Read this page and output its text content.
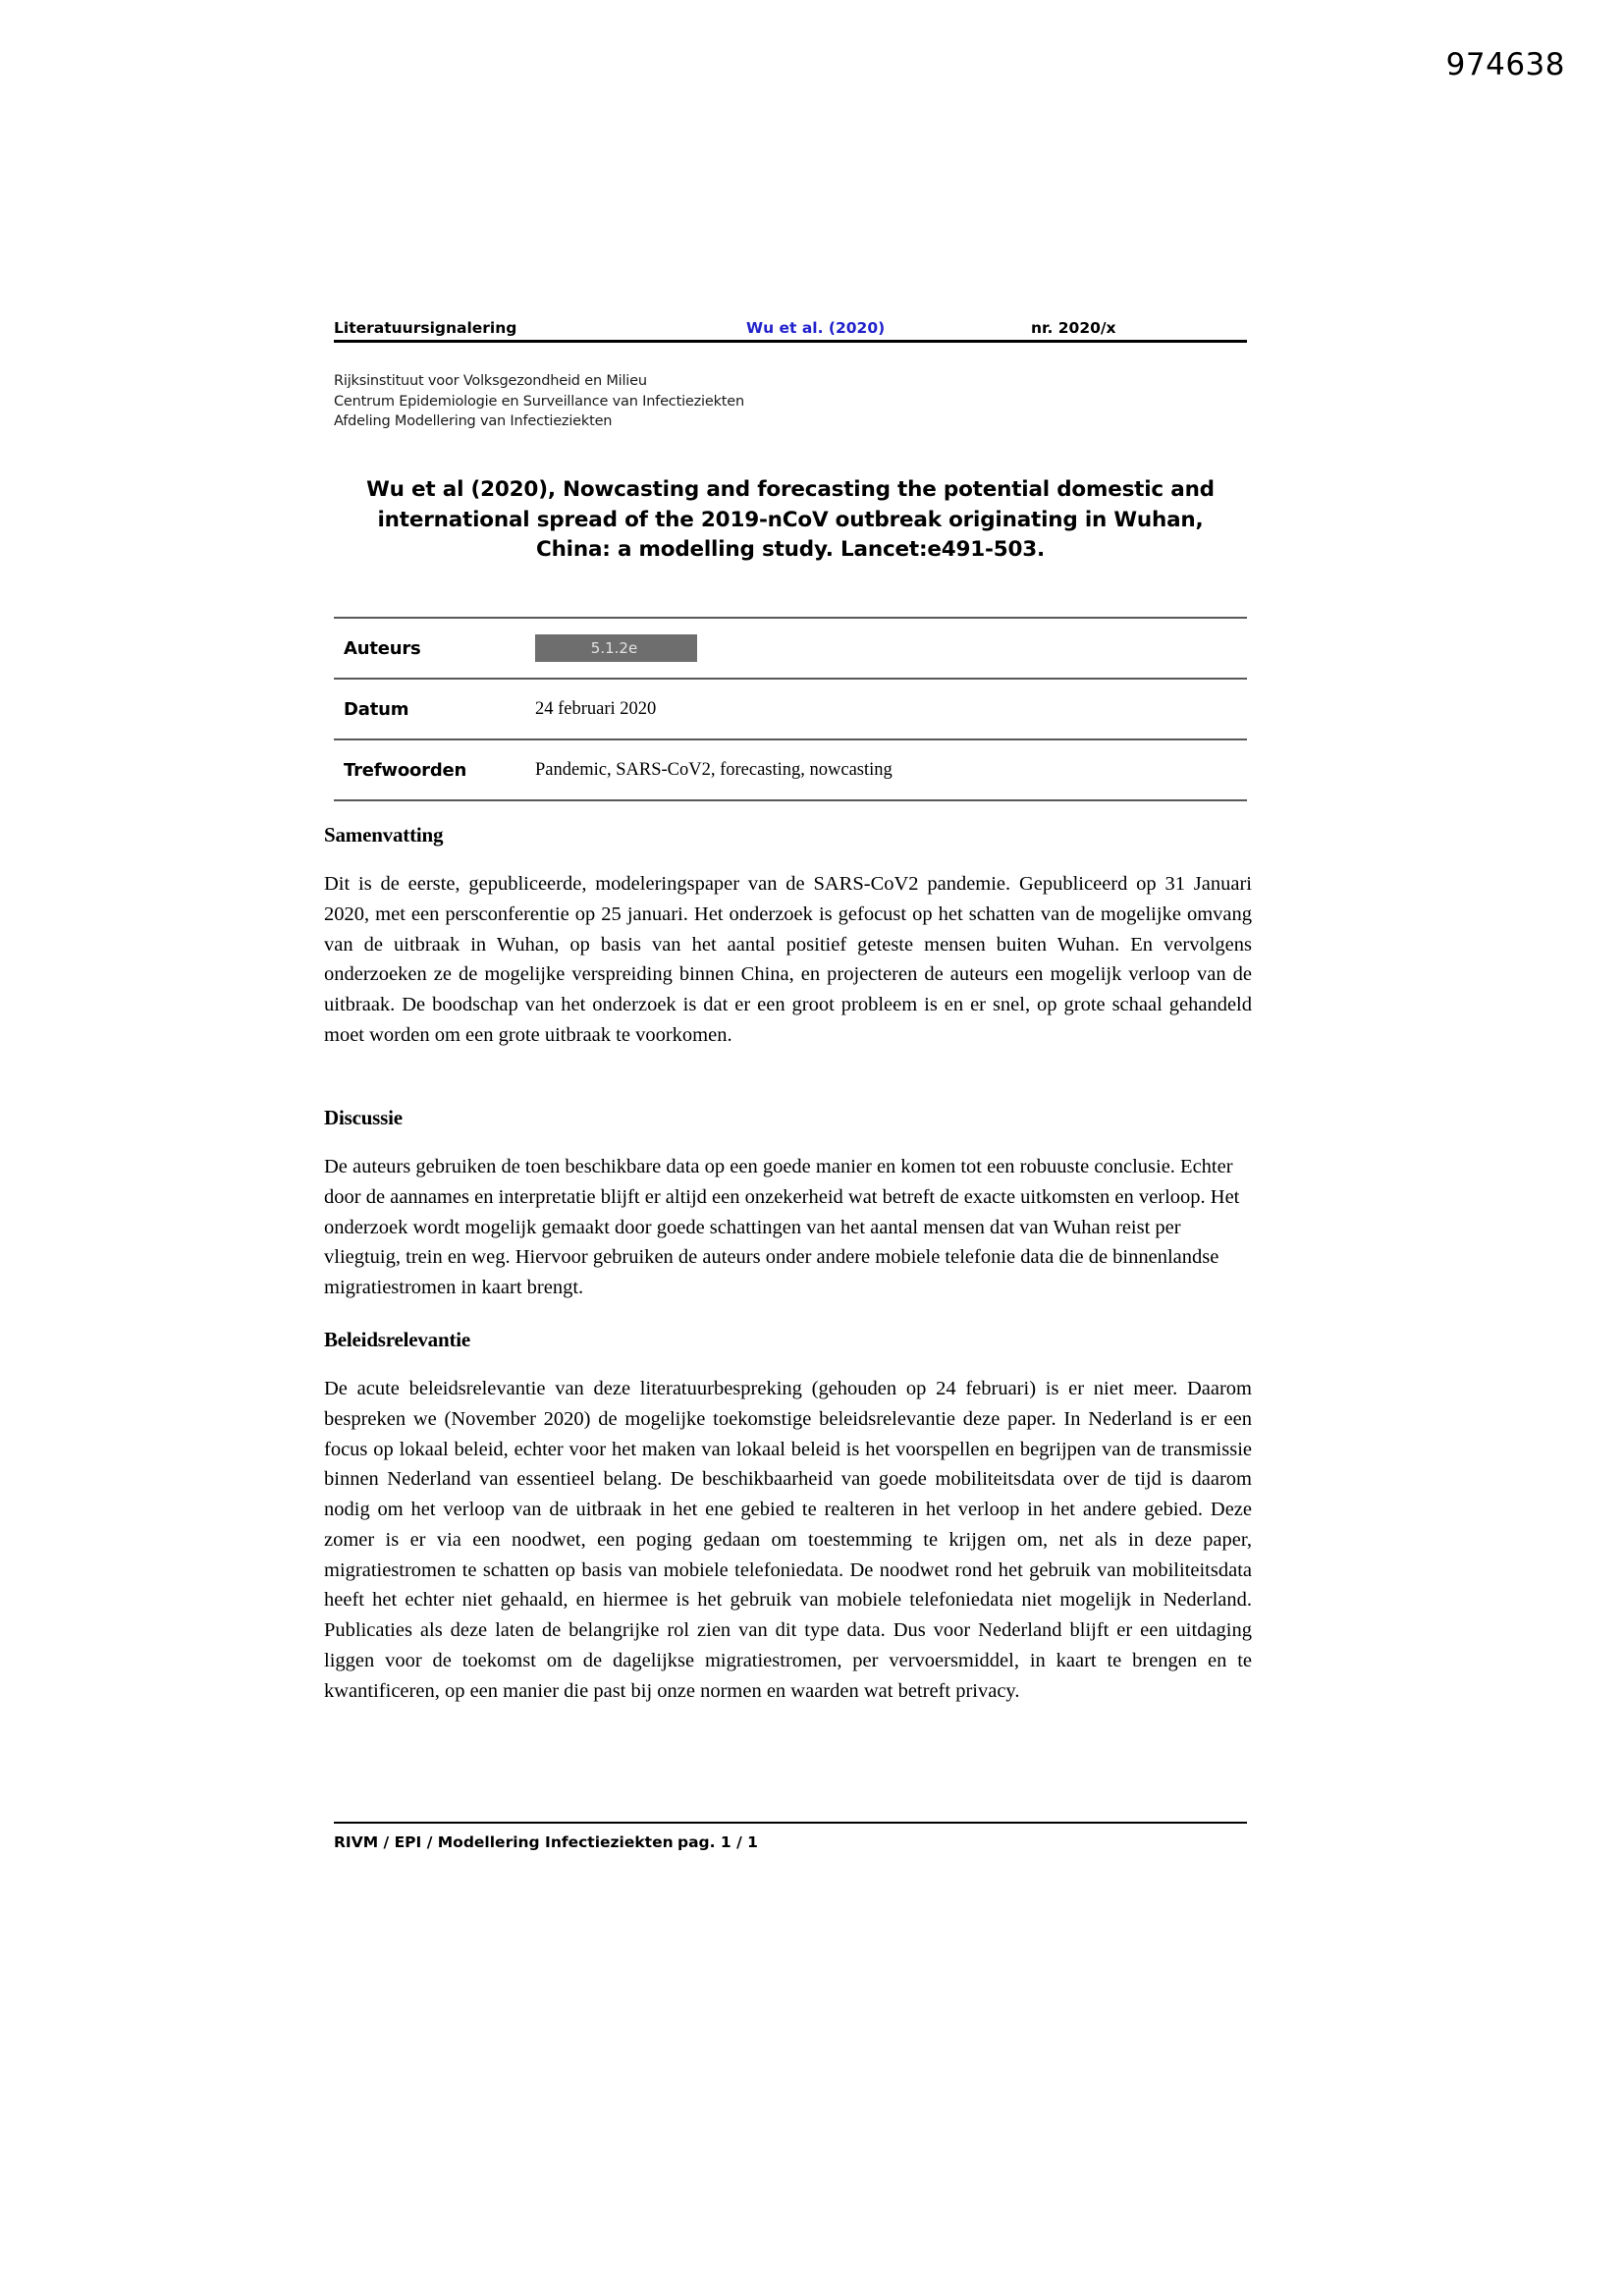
974638
Literatuursignalering	Wu et al. (2020)	nr. 2020/x
Rijksinstituut voor Volksgezondheid en Milieu
Centrum Epidemiologie en Surveillance van Infectieziekten
Afdeling Modellering van Infectieziekten
Wu et al (2020), Nowcasting and forecasting the potential domestic and
international spread of the 2019-nCoV outbreak originating in Wuhan,
China: a modelling study. Lancet:e491-503.
Auteurs	5.1.2e
Datum	24 februari 2020
Trefwoorden	Pandemic, SARS-CoV2, forecasting, nowcasting
Samenvatting

Dit is de eerste, gepubliceerde, modeleringspaper van de SARS-CoV2 pandemie. Gepubliceerd op 31 Januari 2020, met een persconferentie op 25 januari. Het onderzoek is gefocust op het schatten van de mogelijke omvang van de uitbraak in Wuhan, op basis van het aantal positief geteste mensen buiten Wuhan. En vervolgens onderzoeken ze de mogelijke verspreiding binnen China, en projecteren de auteurs een mogelijk verloop van de uitbraak. De boodschap van het onderzoek is dat er een groot probleem is en er snel, op grote schaal gehandeld moet worden om een grote uitbraak te voorkomen.

Discussie

De auteurs gebruiken de toen beschikbare data op een goede manier en komen tot een robuuste conclusie. Echter door de aannames en interpretatie blijft er altijd een onzekerheid wat betreft de exacte uitkomsten en verloop. Het onderzoek wordt mogelijk gemaakt door goede schattingen van het aantal mensen dat van Wuhan reist per vliegtuig, trein en weg. Hiervoor gebruiken de auteurs onder andere mobiele telefonie data die de binnenlandse migratiestromen in kaart brengt.

Beleidsrelevantie

De acute beleidsrelevantie van deze literatuurbespreking (gehouden op 24 februari) is er niet meer. Daarom bespreken we (November 2020) de mogelijke toekomstige beleidsrelevantie deze paper. In Nederland is er een focus op lokaal beleid, echter voor het maken van lokaal beleid is het voorspellen en begrijpen van de transmissie binnen Nederland van essentieel belang. De beschikbaarheid van goede mobiliteitsdata over de tijd is daarom nodig om het verloop van de uitbraak in het ene gebied te realteren in het verloop in het andere gebied. Deze zomer is er via een noodwet, een poging gedaan om toestemming te krijgen om, net als in deze paper, migratiestromen te schatten op basis van mobiele telefoniedata. De noodwet rond het gebruik van mobiliteitsdata heeft het echter niet gehaald, en hiermee is het gebruik van mobiele telefoniedata niet mogelijk in Nederland. Publicaties als deze laten de belangrijke rol zien van dit type data. Dus voor Nederland blijft er een uitdaging liggen voor de toekomst om de dagelijkse migratiestromen, per vervoersmiddel, in kaart te brengen en te kwantificeren, op een manier die past bij onze normen en waarden wat betreft privacy.

RIVM / EPI / Modellering Infectieziekten pag. 1 / 1
